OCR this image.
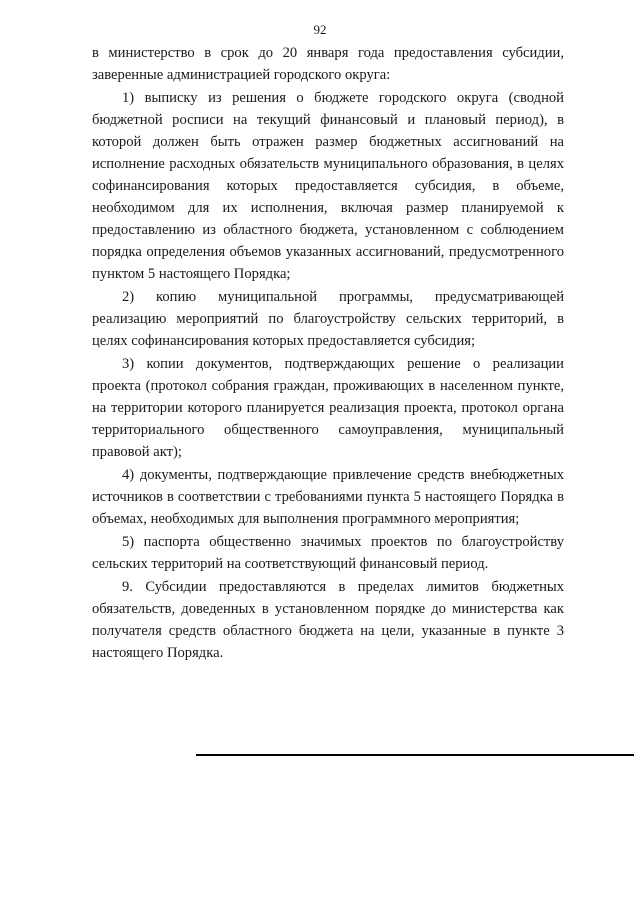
92

в министерство в срок до 20 января года предоставления субсидии, заверенные администрацией городского округа:

1) выписку из решения о бюджете городского округа (сводной бюджетной росписи на текущий финансовый и плановый период), в которой должен быть отражен размер бюджетных ассигнований на исполнение расходных обязательств муниципального образования, в целях софинансирования которых предоставляется субсидия, в объеме, необходимом для их исполнения, включая размер планируемой к предоставлению из областного бюджета, установленном с соблюдением порядка определения объемов указанных ассигнований, предусмотренного пунктом 5 настоящего Порядка;

2) копию муниципальной программы, предусматривающей реализацию мероприятий по благоустройству сельских территорий, в целях софинансирования которых предоставляется субсидия;

3) копии документов, подтверждающих решение о реализации проекта (протокол собрания граждан, проживающих в населенном пункте, на территории которого планируется реализация проекта, протокол органа территориального общественного самоуправления, муниципальный правовой акт);

4) документы, подтверждающие привлечение средств внебюджетных источников в соответствии с требованиями пункта 5 настоящего Порядка в объемах, необходимых для выполнения программного мероприятия;

5) паспорта общественно значимых проектов по благоустройству сельских территорий на соответствующий финансовый период.

9. Субсидии предоставляются в пределах лимитов бюджетных обязательств, доведенных в установленном порядке до министерства как получателя средств областного бюджета на цели, указанные в пункте 3 настоящего Порядка.
